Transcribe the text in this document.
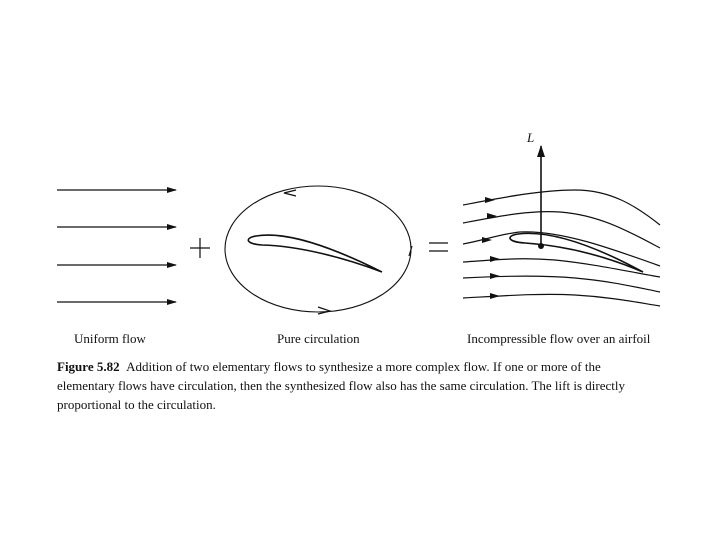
L
Uniform flow	Pure circulation	Incompressible flow over an airfoil
Figure 5.82 Addition of two elementary flows to synthesize a more complex flow. If one or more of the elementary flows have circulation, then the synthesized flow also has the same circulation. The lift is directly proportional to the circulation.
